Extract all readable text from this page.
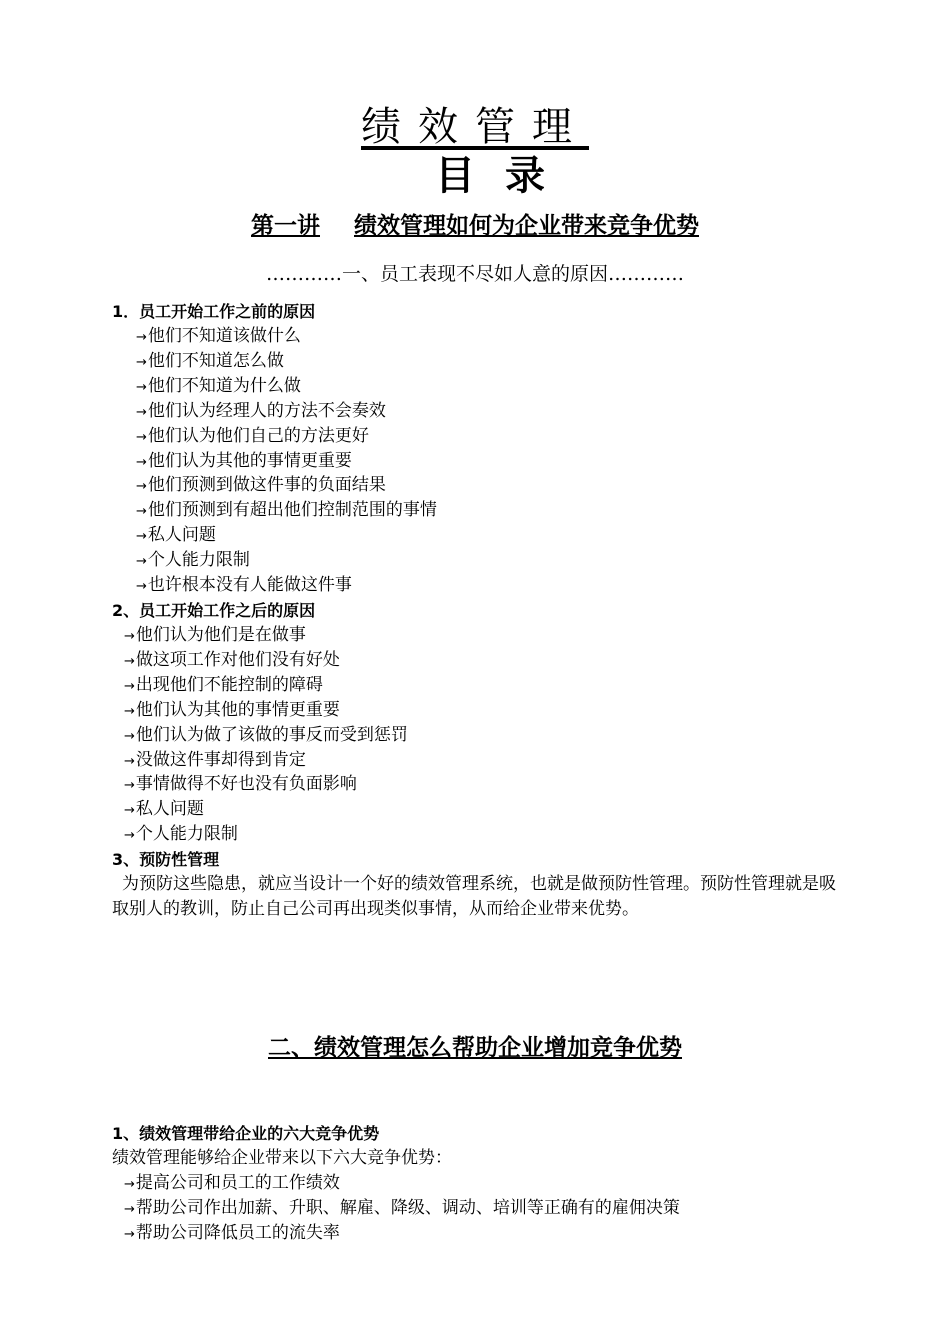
绩效管理
目录
第一讲 绩效管理如何为企业带来竞争优势
…………一、员工表现不尽如人意的原因…………
1．员工开始工作之前的原因
→他们不知道该做什么
→他们不知道怎么做
→他们不知道为什么做
→他们认为经理人的方法不会奏效
→他们认为他们自己的方法更好
→他们认为其他的事情更重要
→他们预测到做这件事的负面结果
→他们预测到有超出他们控制范围的事情
→私人问题
→个人能力限制
→也许根本没有人能做这件事
2、员工开始工作之后的原因
→他们认为他们是在做事
→做这项工作对他们没有好处
→出现他们不能控制的障碍
→他们认为其他的事情更重要
→他们认为做了该做的事反而受到惩罚
→没做这件事却得到肯定
→事情做得不好也没有负面影响
→私人问题
→个人能力限制
3、预防性管理
为预防这些隐患，就应当设计一个好的绩效管理系统，也就是做预防性管理。预防性管理就是吸取别人的教训，防止自己公司再出现类似事情，从而给企业带来优势。
二、绩效管理怎么帮助企业增加竞争优势
1、绩效管理带给企业的六大竞争优势
绩效管理能够给企业带来以下六大竞争优势：
→提高公司和员工的工作绩效
→帮助公司作出加薪、升职、解雇、降级、调动、培训等正确有的雇佣决策
→帮助公司降低员工的流失率
